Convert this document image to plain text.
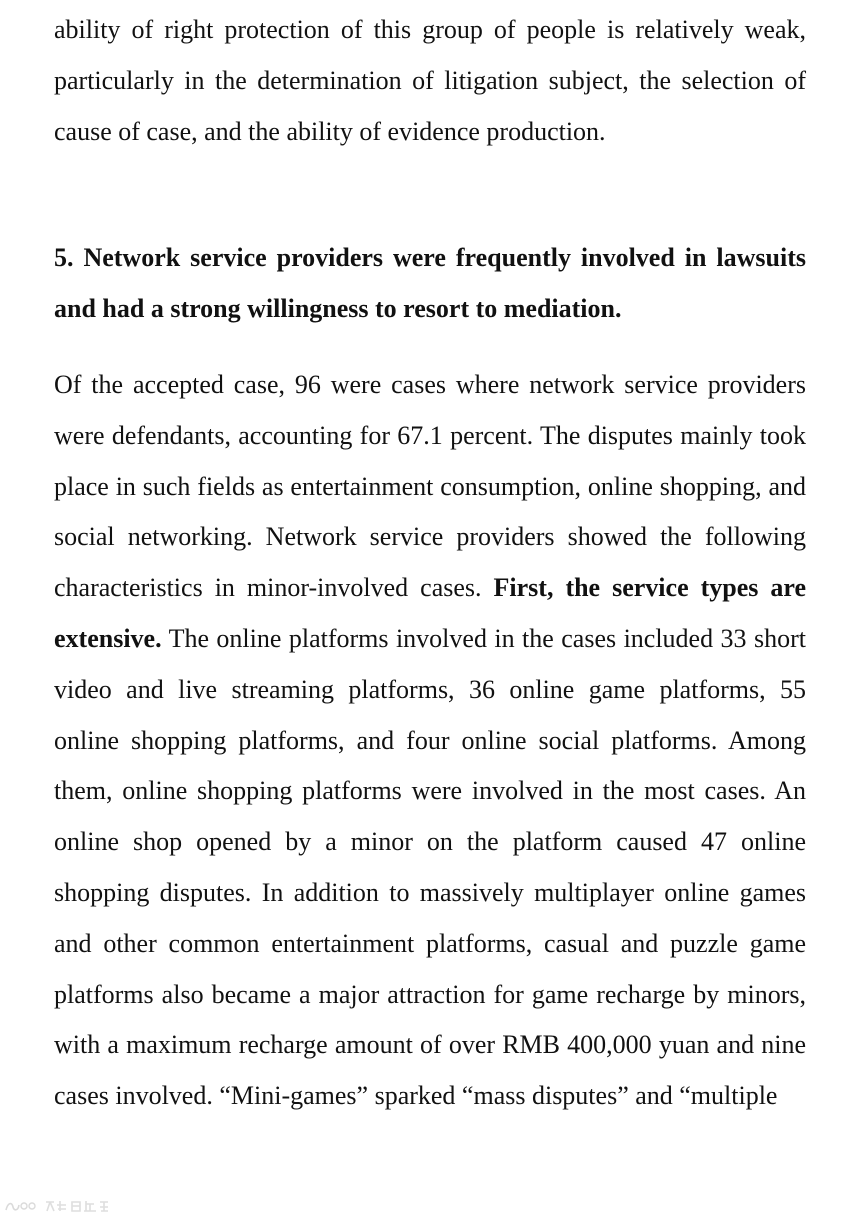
ability of right protection of this group of people is relatively weak, particularly in the determination of litigation subject, the selection of cause of case, and the ability of evidence production.

5. Network service providers were frequently involved in lawsuits and had a strong willingness to resort to mediation.

Of the accepted case, 96 were cases where network service providers were defendants, accounting for 67.1 percent. The disputes mainly took place in such fields as entertainment consumption, online shopping, and social networking. Network service providers showed the following characteristics in minor-involved cases. First, the service types are extensive. The online platforms involved in the cases included 33 short video and live streaming platforms, 36 online game platforms, 55 online shopping platforms, and four online social platforms. Among them, online shopping platforms were involved in the most cases. An online shop opened by a minor on the platform caused 47 online shopping disputes. In addition to massively multiplayer online games and other common entertainment platforms, casual and puzzle game platforms also became a major attraction for game recharge by minors, with a maximum recharge amount of over RMB 400,000 yuan and nine cases involved. “Mini-games” sparked “mass disputes” and “multiple
